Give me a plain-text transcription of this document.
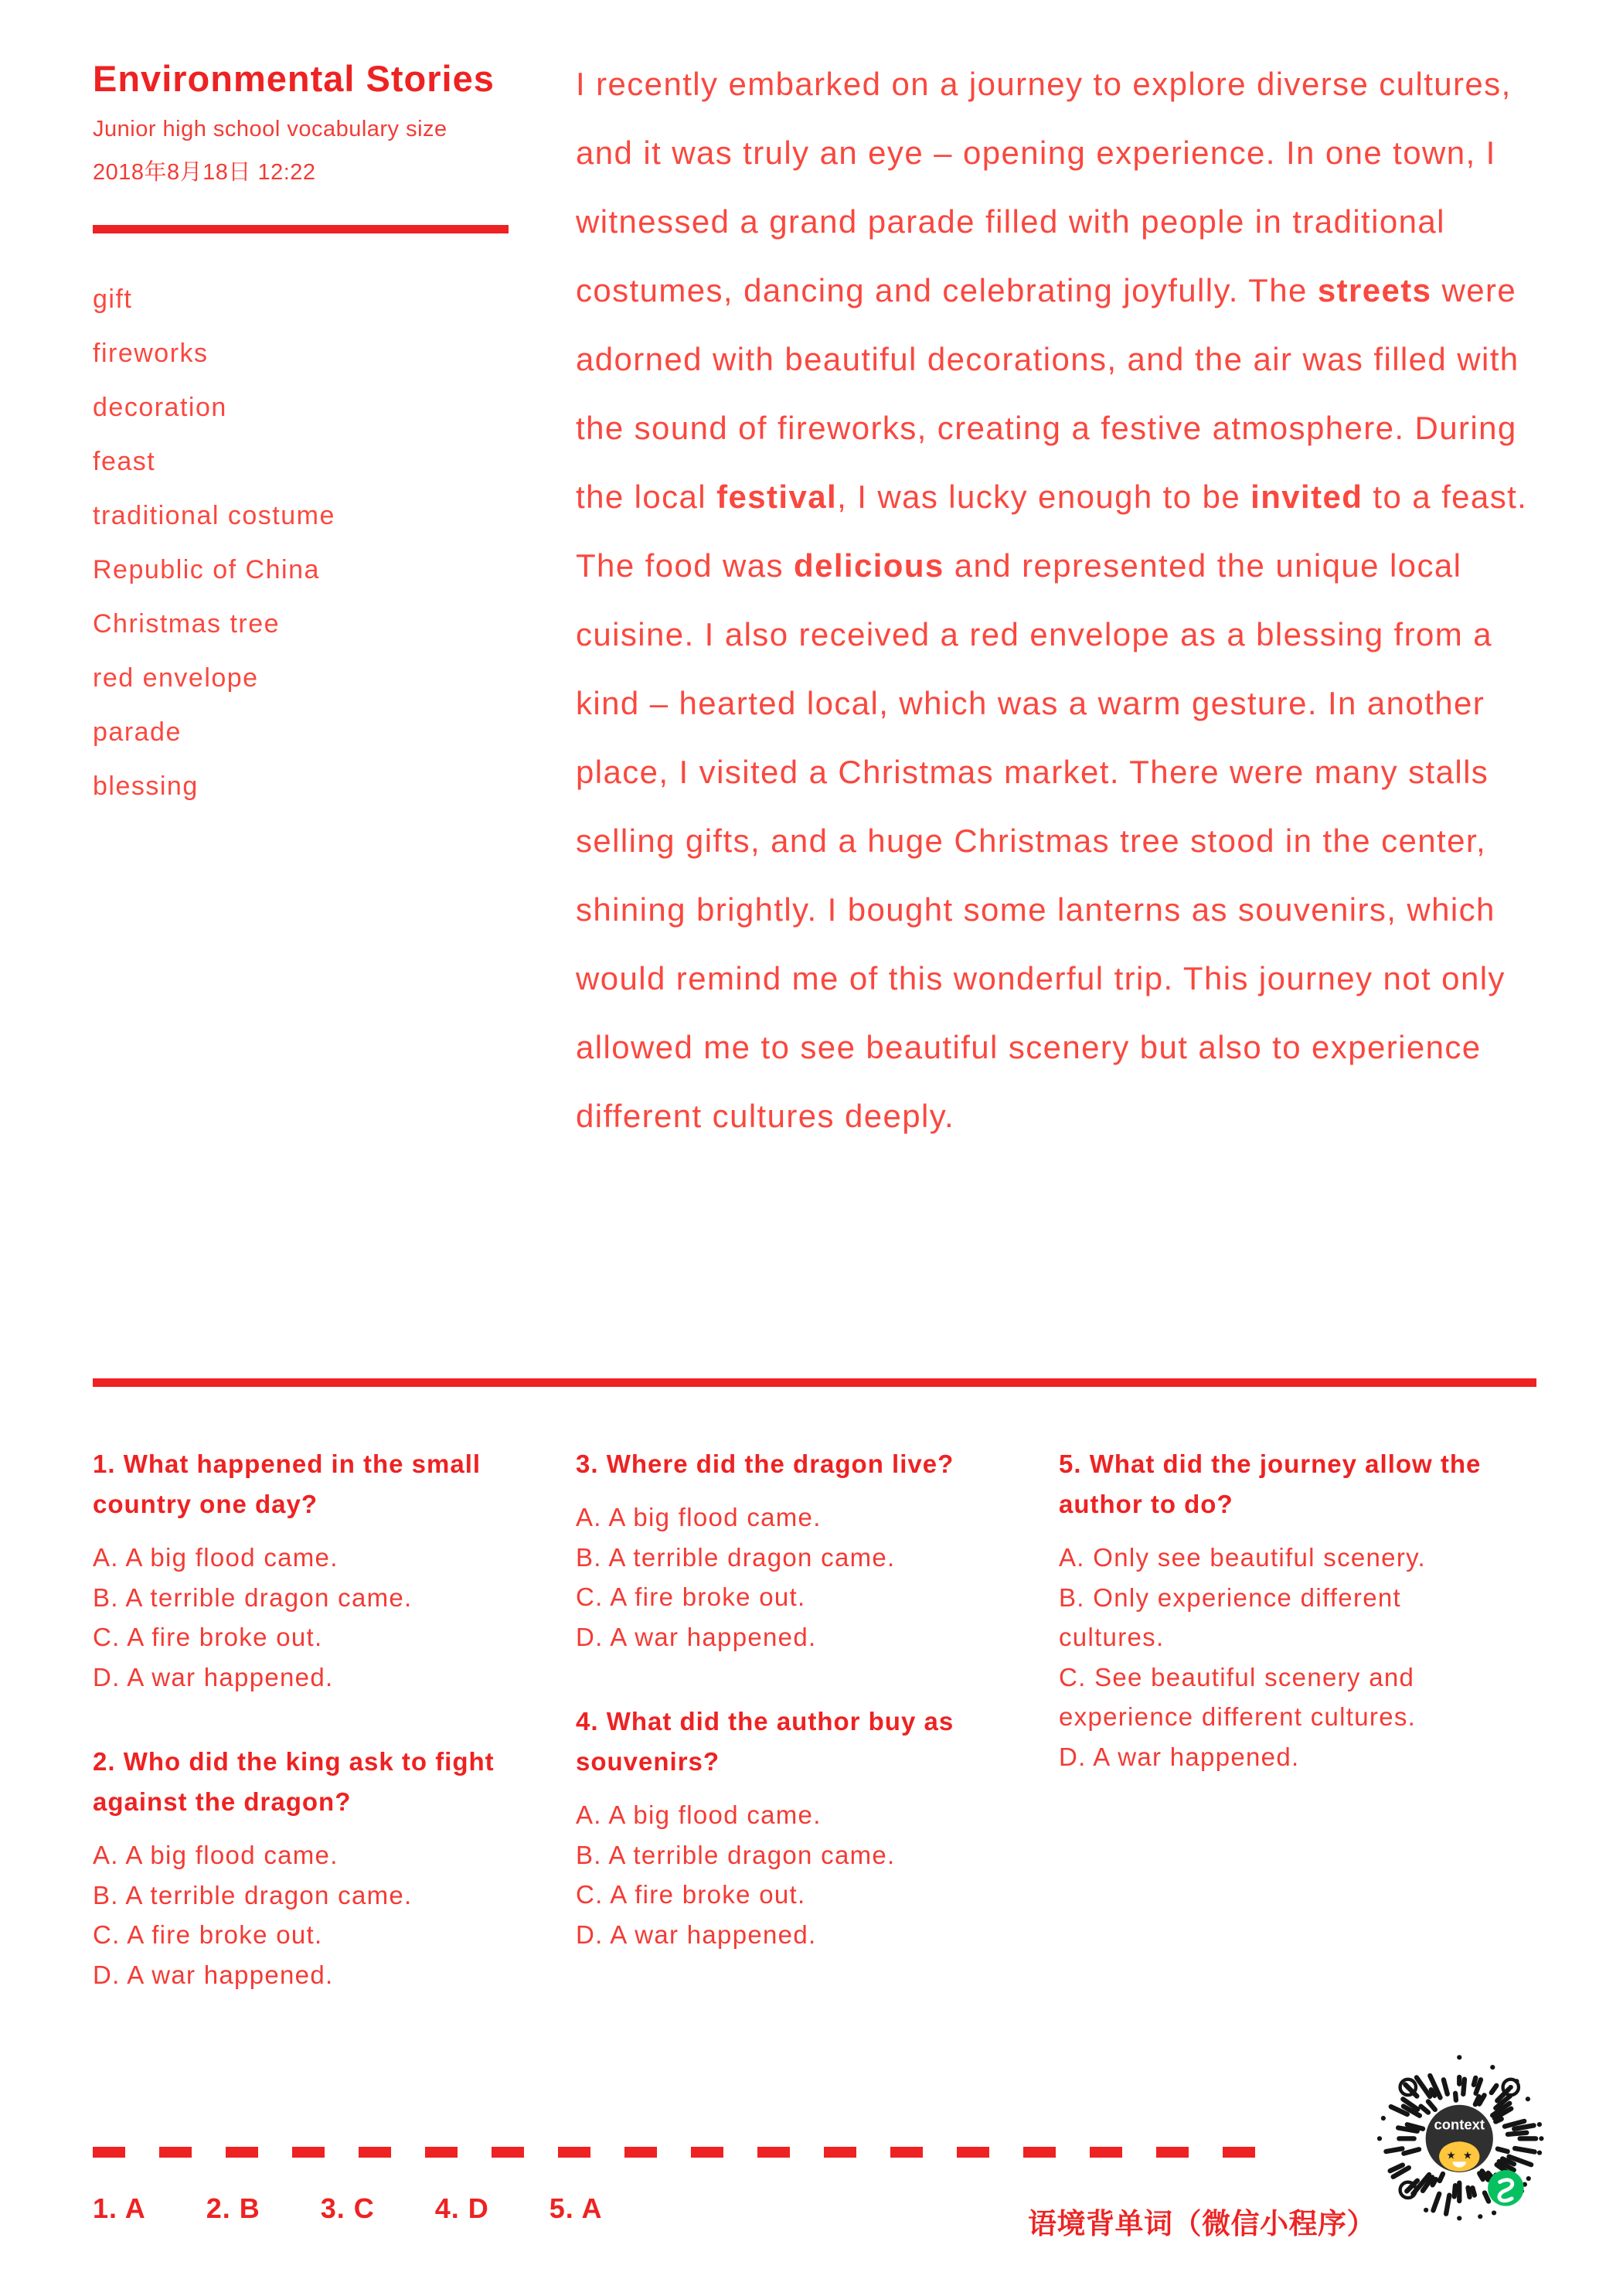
Environmental Stories
Junior high school vocabulary size
2018年8月18日 12:22
gift
fireworks
decoration
feast
traditional costume
Republic of China
Christmas tree
red envelope
parade
blessing
I recently embarked on a journey to explore diverse cultures, and it was truly an eye – opening experience. In one town, I witnessed a grand parade filled with people in traditional costumes, dancing and celebrating joyfully. The streets were adorned with beautiful decorations, and the air was filled with the sound of fireworks, creating a festive atmosphere. During the local festival, I was lucky enough to be invited to a feast. The food was delicious and represented the unique local cuisine. I also received a red envelope as a blessing from a kind – hearted local, which was a warm gesture. In another place, I visited a Christmas market. There were many stalls selling gifts, and a huge Christmas tree stood in the center, shining brightly. I bought some lanterns as souvenirs, which would remind me of this wonderful trip. This journey not only allowed me to see beautiful scenery but also to experience different cultures deeply.
1. What happened in the small country one day?
A. A big flood came.
B. A terrible dragon came.
C. A fire broke out.
D. A war happened.
2. Who did the king ask to fight against the dragon?
A. A big flood came.
B. A terrible dragon came.
C. A fire broke out.
D. A war happened.
3. Where did the dragon live?
A. A big flood came.
B. A terrible dragon came.
C. A fire broke out.
D. A war happened.
4. What did the author buy as souvenirs?
A. A big flood came.
B. A terrible dragon came.
C. A fire broke out.
D. A war happened.
5. What did the journey allow the author to do?
A. Only see beautiful scenery.
B. Only experience different cultures.
C. See beautiful scenery and experience different cultures.
D. A war happened.
1. A 2. B 3. C 4. D 5. A	语境背单词（微信小程序）
context
★ ★
